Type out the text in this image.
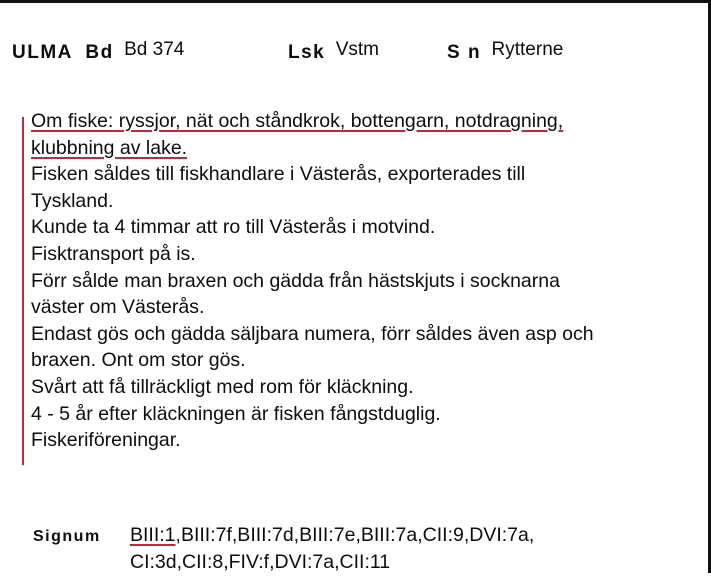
ULMA Bd Bd 374	Lsk Vstm	S n Rytterne
Om fiske: ryssjor, nät och ståndkrok, bottengarn, notdragning,
klubbning av lake.
Fisken såldes till fiskhandlare i Västerås, exporterades till
Tyskland.
Kunde ta 4 timmar att ro till Västerås i motvind.
Fisktransport på is.
Förr sålde man braxen och gädda från hästskjuts i socknarna
väster om Västerås.
Endast gös och gädda säljbara numera, förr såldes även asp och
braxen. Ont om stor gös.
Svårt att få tillräckligt med rom för kläckning.
4 - 5 år efter kläckningen är fisken fångstduglig.
Fiskeriföreningar.
Signum BIII:1,BIII:7f,BIII:7d,BIII:7e,BIII:7a,CII:9,DVI:7a,
CI:3d,CII:8,FIV:f,DVI:7a,CII:11
